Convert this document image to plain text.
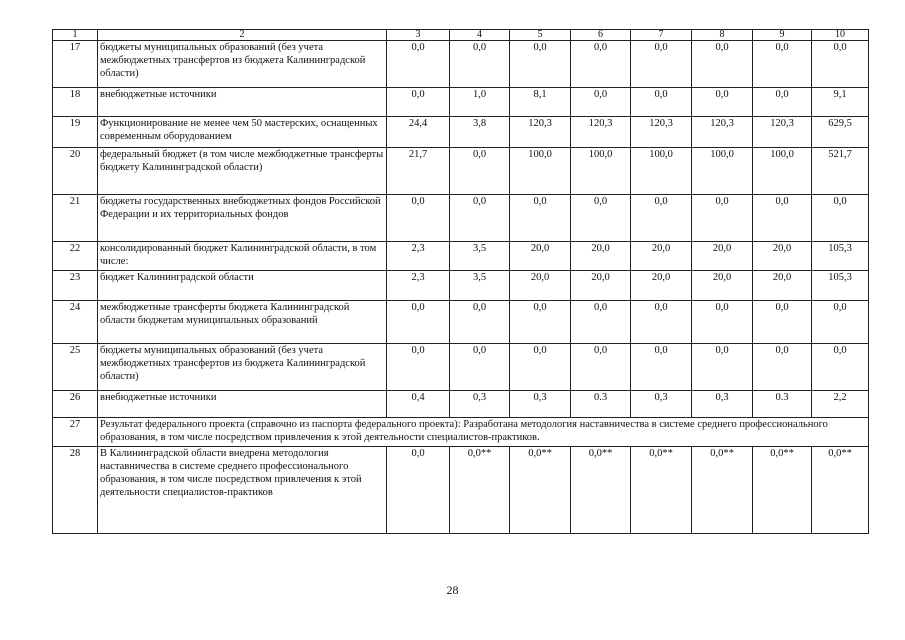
1	2	3	4	5	6	7	8	9	10
17	бюджеты муниципальных образований (без учета межбюджетных трансфертов из бюджета Калининградской области)	0,0	0,0	0,0	0,0	0,0	0,0	0,0	0,0
18	внебюджетные источники	0,0	1,0	8,1	0,0	0,0	0,0	0,0	9,1
19	Функционирование не менее чем 50 мастерских, оснащенных современным оборудованием	24,4	3,8	120,3	120,3	120,3	120,3	120,3	629,5
20	федеральный бюджет (в том числе межбюджетные трансферты бюджету Калининградской области)	21,7	0,0	100,0	100,0	100,0	100,0	100,0	521,7
21	бюджеты государственных внебюджетных фондов Российской Федерации и их территориальных фондов	0,0	0,0	0,0	0,0	0,0	0,0	0,0	0,0
22	консолидированный бюджет Калининградской области, в том числе:	2,3	3,5	20,0	20,0	20,0	20,0	20,0	105,3
23	бюджет Калининградской области	2,3	3,5	20,0	20,0	20,0	20,0	20,0	105,3
24	межбюджетные трансферты бюджета Калининградской области бюджетам муниципальных образований	0,0	0,0	0,0	0,0	0,0	0,0	0,0	0,0
25	бюджеты муниципальных образований (без учета межбюджетных трансфертов из бюджета Калининградской области)	0,0	0,0	0,0	0,0	0,0	0,0	0,0	0,0
26	внебюджетные источники	0,4	0,3	0,3	0.3	0,3	0,3	0.3	2,2
27	Результат федерального проекта (справочно из паспорта федерального проекта): Разработана методология наставничества в системе среднего профессионального образования, в том числе посредством привлечения к этой деятельности специалистов-практиков.								
28	В Калининградской области внедрена методология наставничества в системе среднего профессионального образования, в том числе посредством привлечения к этой деятельности специалистов-практиков	0,0	0,0**	0,0**	0,0**	0,0**	0,0**	0,0**	0,0**
28
